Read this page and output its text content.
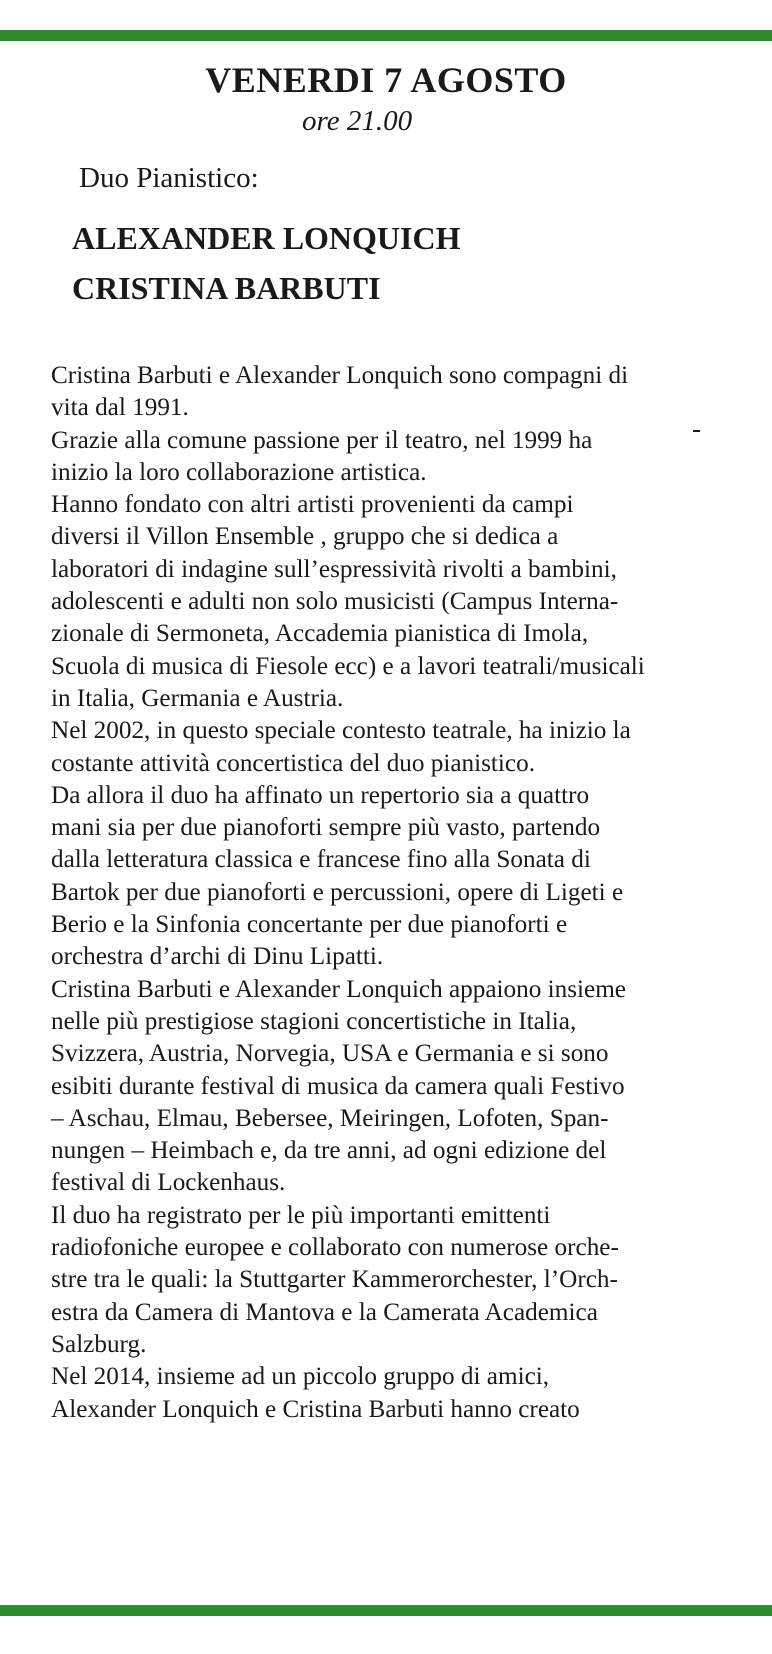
VENERDI 7 AGOSTO
ore 21.00
Duo Pianistico:
ALEXANDER LONQUICH
CRISTINA BARBUTI
Cristina Barbuti e Alexander Lonquich sono compagni di
vita dal 1991.
Grazie alla comune passione per il teatro, nel 1999 ha
inizio la loro collaborazione artistica.
Hanno fondato con altri artisti provenienti da campi
diversi il Villon Ensemble , gruppo che si dedica a
laboratori di indagine sull’espressività rivolti a bambini,
adolescenti e adulti non solo musicisti (Campus Interna-
zionale di Sermoneta, Accademia pianistica di Imola,
Scuola di musica di Fiesole ecc) e a lavori teatrali/musicali
in Italia, Germania e Austria.
Nel 2002, in questo speciale contesto teatrale, ha inizio la
costante attività concertistica del duo pianistico.
Da allora il duo ha affinato un repertorio sia a quattro
mani sia per due pianoforti sempre più vasto, partendo
dalla letteratura classica e francese fino alla Sonata di
Bartok per due pianoforti e percussioni, opere di Ligeti e
Berio e la Sinfonia concertante per due pianoforti e
orchestra d’archi di Dinu Lipatti.
Cristina Barbuti e Alexander Lonquich appaiono insieme
nelle più prestigiose stagioni concertistiche in Italia,
Svizzera, Austria, Norvegia, USA e Germania e si sono
esibiti durante festival di musica da camera quali Festivo
– Aschau, Elmau, Bebersee, Meiringen, Lofoten, Span-
nungen – Heimbach e, da tre anni, ad ogni edizione del
festival di Lockenhaus.
Il duo ha registrato per le più importanti emittenti
radiofoniche europee e collaborato con numerose orche-
stre tra le quali: la Stuttgarter Kammerorchester, l’Orch-
estra da Camera di Mantova e la Camerata Academica
Salzburg.
Nel 2014, insieme ad un piccolo gruppo di amici,
Alexander Lonquich e Cristina Barbuti hanno creato
